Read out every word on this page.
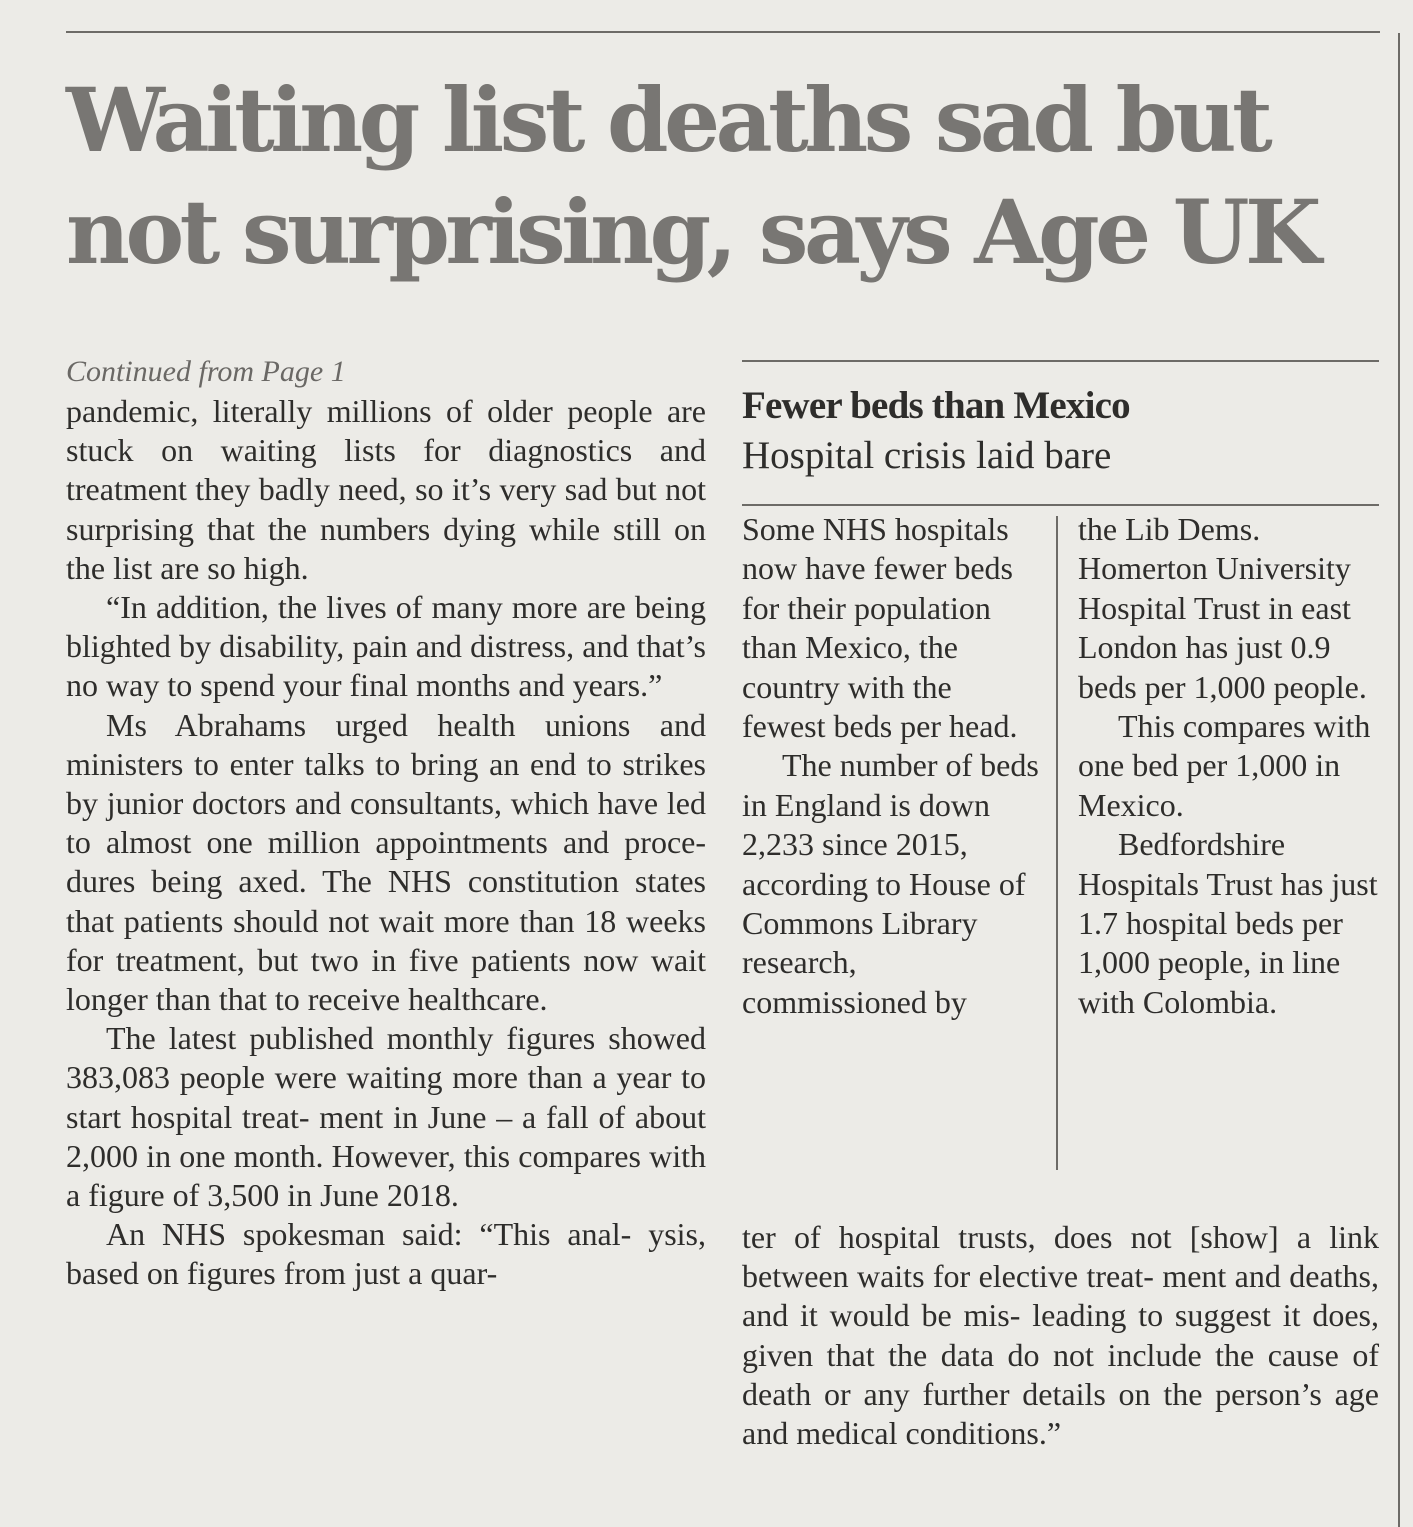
Waiting list deaths sad but
not surprising, says Age UK
Continued from Page 1

pandemic, literally millions of older people are stuck on waiting lists for diagnostics and treatment they badly need, so it’s very sad but not surprising that the numbers dying while still on the list are so high.

“In addition, the lives of many more are being blighted by disability, pain and distress, and that’s no way to spend your final months and years.”

Ms Abrahams urged health unions and ministers to enter talks to bring an end to strikes by junior doctors and consultants, which have led to almost one million appointments and proce- dures being axed. The NHS constitution states that patients should not wait more than 18 weeks for treatment, but two in five patients now wait longer than that to receive healthcare.

The latest published monthly figures showed 383,083 people were waiting more than a year to start hospital treat- ment in June – a fall of about 2,000 in one month. However, this compares with a figure of 3,500 in June 2018.

An NHS spokesman said: “This anal- ysis, based on figures from just a quar-

Fewer beds than Mexico
Hospital crisis laid bare

Some NHS hospitals now have fewer beds for their population than Mexico, the country with the fewest beds per head.

The number of beds in England is down 2,233 since 2015, according to House of Commons Library research, commissioned by

the Lib Dems. Homerton University Hospital Trust in east London has just 0.9 beds per 1,000 people.

This compares with one bed per 1,000 in Mexico.

Bedfordshire Hospitals Trust has just 1.7 hospital beds per 1,000 people, in line with Colombia.

ter of hospital trusts, does not [show] a link between waits for elective treat- ment and deaths, and it would be mis- leading to suggest it does, given that the data do not include the cause of death or any further details on the person’s age and medical conditions.”
